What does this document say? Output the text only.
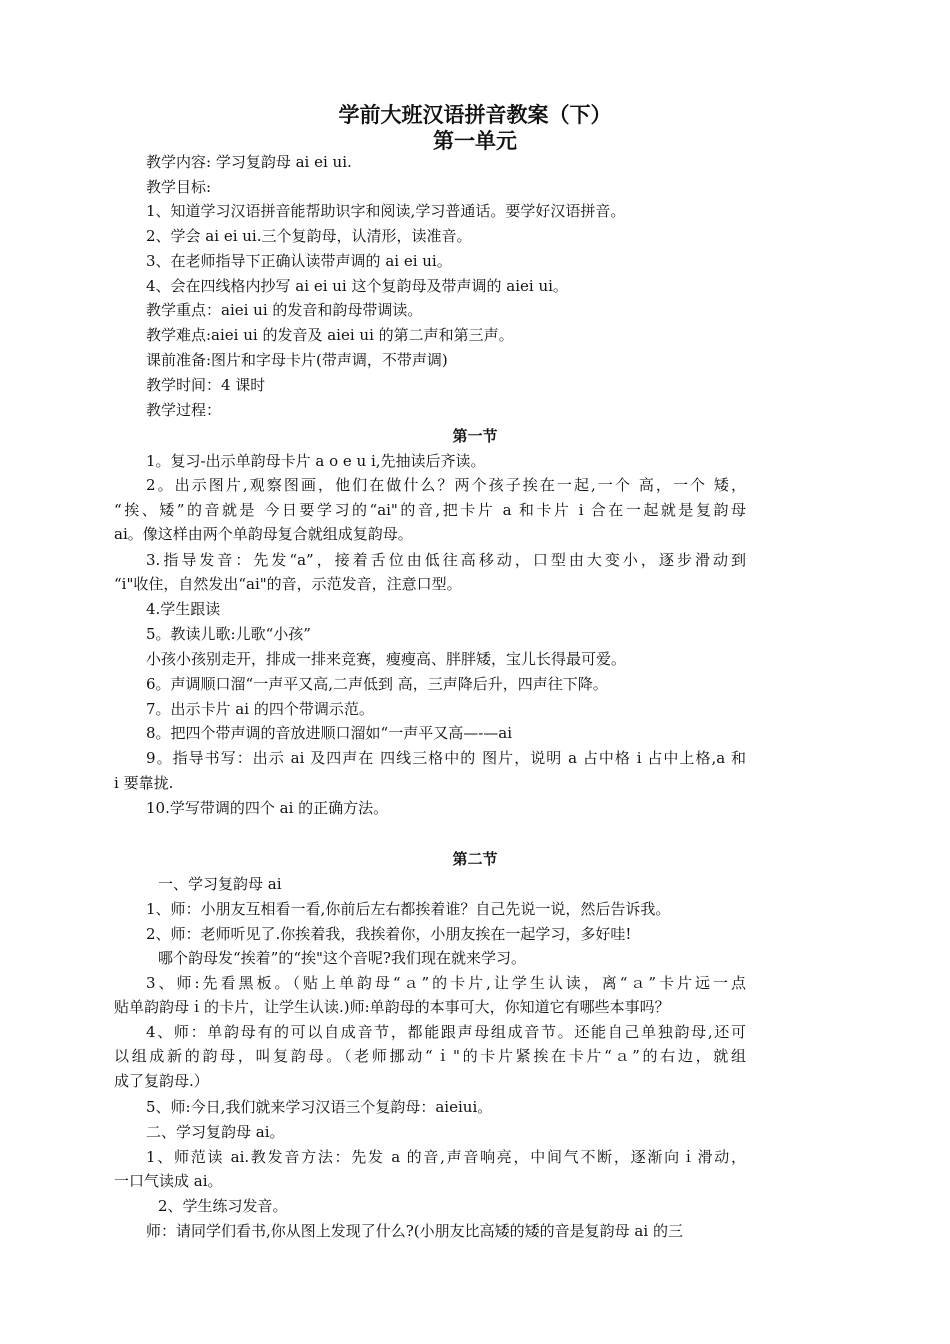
学前大班汉语拼音教案（下）
第一单元
教学内容: 学习复韵母 ai ei ui.
教学目标:
1、知道学习汉语拼音能帮助识字和阅读,学习普通话。要学好汉语拼音。
2、学会 ai ei ui.三个复韵母，认清形，读准音。
3、在老师指导下正确认读带声调的 ai ei ui。
4、会在四线格内抄写 ai ei ui 这个复韵母及带声调的 aiei ui。
教学重点：aiei ui 的发音和韵母带调读。
教学难点:aiei ui 的发音及 aiei ui 的第二声和第三声。
课前准备:图片和字母卡片(带声调，不带声调)
教学时间：4 课时
教学过程：
第一节
1。复习-出示单韵母卡片 a o e u i,先抽读后齐读。
2。出示图片,观察图画，他们在做什么？两个孩子挨在一起,一个 高，一个 矮，
“挨、矮”的音就是 今日要学习的“ai"的音,把卡片 a 和卡片 i 合在一起就是复韵母
ai。像这样由两个单韵母复合就组成复韵母。
3.指导发音：先发“a”，接着舌位由低往高移动，口型由大变小，逐步滑动到
“i"收住，自然发出“ai"的音，示范发音，注意口型。
4.学生跟读
5。教读儿歌:儿歌“小孩”
小孩小孩别走开，排成一排来竞赛，瘦瘦高、胖胖矮，宝儿长得最可爱。
6。声调顺口溜“一声平又高,二声低到 高，三声降后升，四声往下降。
7。出示卡片 ai 的四个带调示范。
8。把四个带声调的音放进顺口溜如“一声平又高—-—ai
9。指导书写：出示 ai 及四声在 四线三格中的 图片，说明 a 占中格 i 占中上格,a 和
i 要靠拢.
10.学写带调的四个 ai 的正确方法。
第二节
一、学习复韵母 ai
1、师：小朋友互相看一看,你前后左右都挨着谁？自己先说一说，然后告诉我。
2、师：老师听见了.你挨着我，我挨着你，小朋友挨在一起学习，多好哇!
哪个韵母发“挨着”的“挨"这个音呢?我们现在就来学习。
3、师:先看黑板。（贴上单韵母“ａ”的卡片,让学生认读，离“ａ”卡片远一点
贴单韵韵母ｉ的卡片，让学生认读.)师:单韵母的本事可大，你知道它有哪些本事吗？
4、师：单韵母有的可以自成音节，都能跟声母组成音节。还能自己单独韵母,还可
以组成新的韵母，叫复韵母。（老师挪动“ｉ"的卡片紧挨在卡片“ａ”的右边，就组
成了复韵母.）
5、师:今日,我们就来学习汉语三个复韵母：aieiui。
二、学习复韵母 ai。
1、师范读 ai.教发音方法：先发 a 的音,声音响亮，中间气不断，逐渐向ｉ滑动，
一口气读成 ai。
2、学生练习发音。
师：请同学们看书,你从图上发现了什么?(小朋友比高矮的矮的音是复韵母 ai 的三
